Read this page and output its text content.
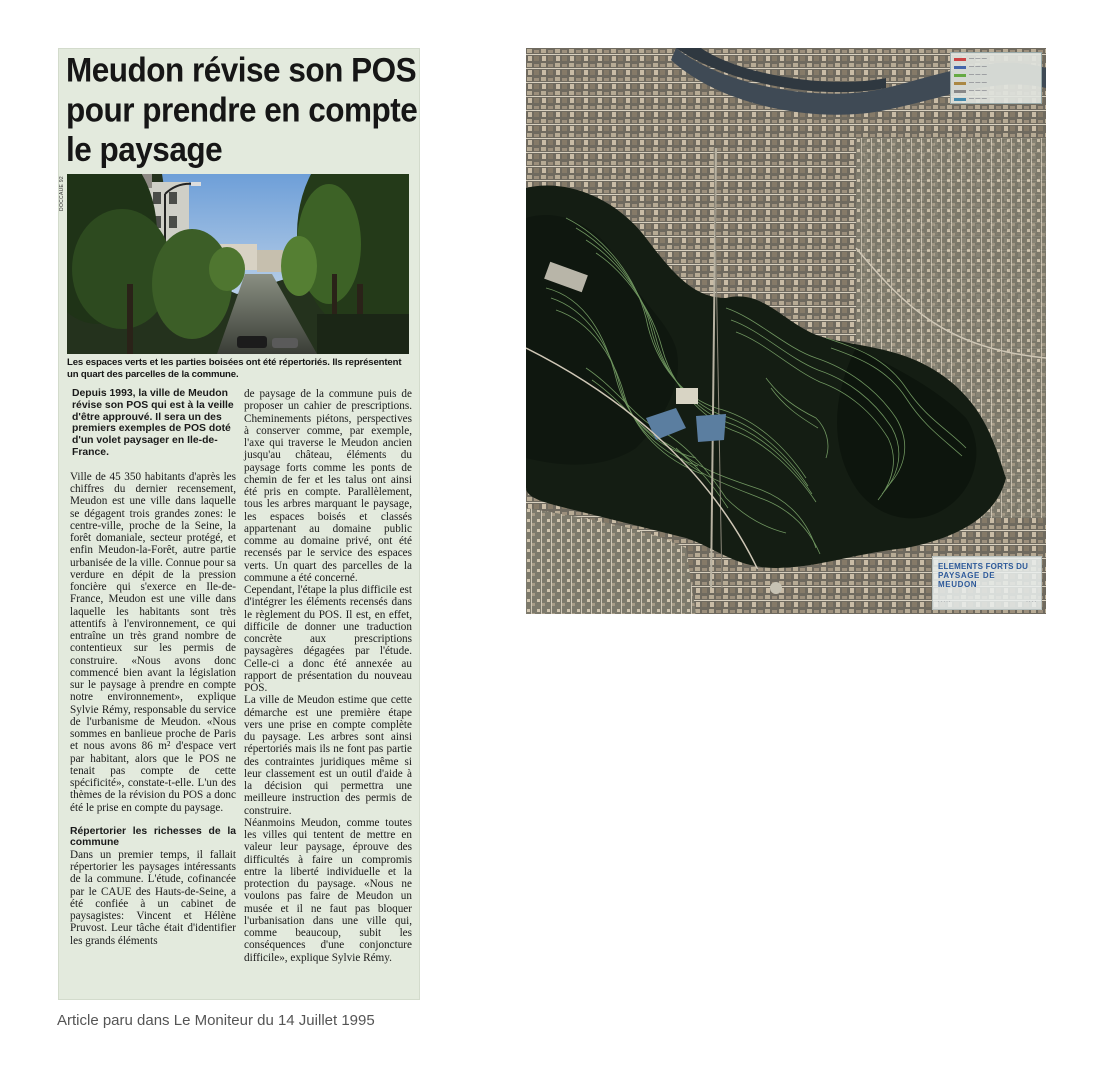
Meudon révise son POS
pour prendre en compte
le paysage
DOCCAUE 92
Les espaces verts et les parties boisées ont été répertoriés. Ils représentent un quart des parcelles de la commune.

Depuis 1993, la ville de Meudon révise son POS qui est à la veille d'être approuvé. Il sera un des premiers exemples de POS doté d'un volet paysager en Ile-de-France.

Ville de 45 350 habitants d'après les chiffres du dernier recensement, Meudon est une ville dans laquelle se dégagent trois grandes zones: le centre-ville, proche de la Seine, la forêt domaniale, secteur protégé, et enfin Meudon-la-Forêt, autre partie urbanisée de la ville. Connue pour sa verdure en dépit de la pression foncière qui s'exerce en Ile-de-France, Meudon est une ville dans laquelle les habitants sont très attentifs à l'environnement, ce qui entraîne un très grand nombre de contentieux sur les permis de construire. «Nous avons donc commencé bien avant la législation sur le paysage à prendre en compte notre environnement», explique Sylvie Rémy, responsable du service de l'urbanisme de Meudon. «Nous sommes en banlieue proche de Paris et nous avons 86 m² d'espace vert par habitant, alors que le POS ne tenait pas compte de cette spécificité», constate-t-elle. L'un des thèmes de la révision du POS a donc été le prise en compte du paysage.

Répertorier les richesses de la commune

Dans un premier temps, il fallait répertorier les paysages intéressants de la commune. L'étude, cofinancée par le CAUE des Hauts-de-Seine, a été confiée à un cabinet de paysagistes: Vincent et Hélène Pruvost. Leur tâche était d'identifier les grands éléments

de paysage de la commune puis de proposer un cahier de prescriptions. Cheminements piétons, perspectives à conserver comme, par exemple, l'axe qui traverse le Meudon ancien jusqu'au château, éléments du paysage forts comme les ponts de chemin de fer et les talus ont ainsi été pris en compte. Parallèlement, tous les arbres marquant le paysage, les espaces boisés et classés appartenant au domaine public comme au domaine privé, ont été recensés par le service des espaces verts. Un quart des parcelles de la commune a été concerné.

Cependant, l'étape la plus difficile est d'intégrer les éléments recensés dans le règlement du POS. Il est, en effet, difficile de donner une traduction concrète aux prescriptions paysagères dégagées par l'étude. Celle-ci a donc été annexée au rapport de présentation du nouveau POS.

La ville de Meudon estime que cette démarche est une première étape vers une prise en compte complète du paysage. Les arbres sont ainsi répertoriés mais ils ne font pas partie des contraintes juridiques même si leur classement est un outil d'aide à la décision qui permettra une meilleure instruction des permis de construire.

Néanmoins Meudon, comme toutes les villes qui tentent de mettre en valeur leur paysage, éprouve des difficultés à faire un compromis entre la liberté individuelle et la protection du paysage. «Nous ne voulons pas faire de Meudon un musée et il ne faut pas bloquer l'urbanisation dans une ville qui, comme beaucoup, subit les conséquences d'une conjoncture difficile», explique Sylvie Rémy.

Article paru dans Le Moniteur du 14 Juillet 1995
— — —
— — —
— — —
— — —
— — —
— — —
ELEMENTS FORTS DU
PAYSAGE DE MEUDON
· · · · ·	· · · ·
